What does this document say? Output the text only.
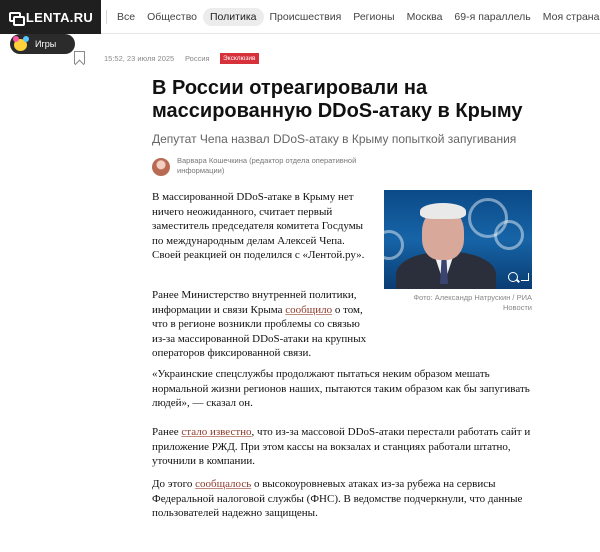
LENTA.RU Все Общество	Политика	Происшествия Регионы Москва 69-я параллель Моя страна
Игры
15:52, 23 июля 2025 Россия	Эксклюзив
В России отреагировали на массированную DDoS-атаку в Крыму
Депутат Чепа назвал DDoS-атаку в Крыму попыткой запугивания
Варвара Кошечкина (редактор отдела оперативной информации)
Фото: Александр Натрускин / РИА Новости

В массированной DDoS-атаке в Крыму нет ничего неожиданного, считает первый заместитель председателя комитета Госдумы по международным делам Алексей Чепа. Своей реакцией он поделился с «Лентой.ру».

Ранее Министерство внутренней политики, информации и связи Крыма сообщило о том, что в регионе возникли проблемы со связью из-за массированной DDoS-атаки на крупных операторов фиксированной связи.

«Украинские спецслужбы продолжают пытаться неким образом мешать нормальной жизни регионов наших, пытаются таким образом как бы запугивать людей», — сказал он.

Ранее стало известно, что из-за массовой DDoS-атаки перестали работать сайт и приложение РЖД. При этом кассы на вокзалах и станциях работали штатно, уточнили в компании.

До этого сообщалось о высокоуровневых атаках из-за рубежа на сервисы Федеральной налоговой службы (ФНС). В ведомстве подчеркнули, что данные пользователей надежно защищены.
